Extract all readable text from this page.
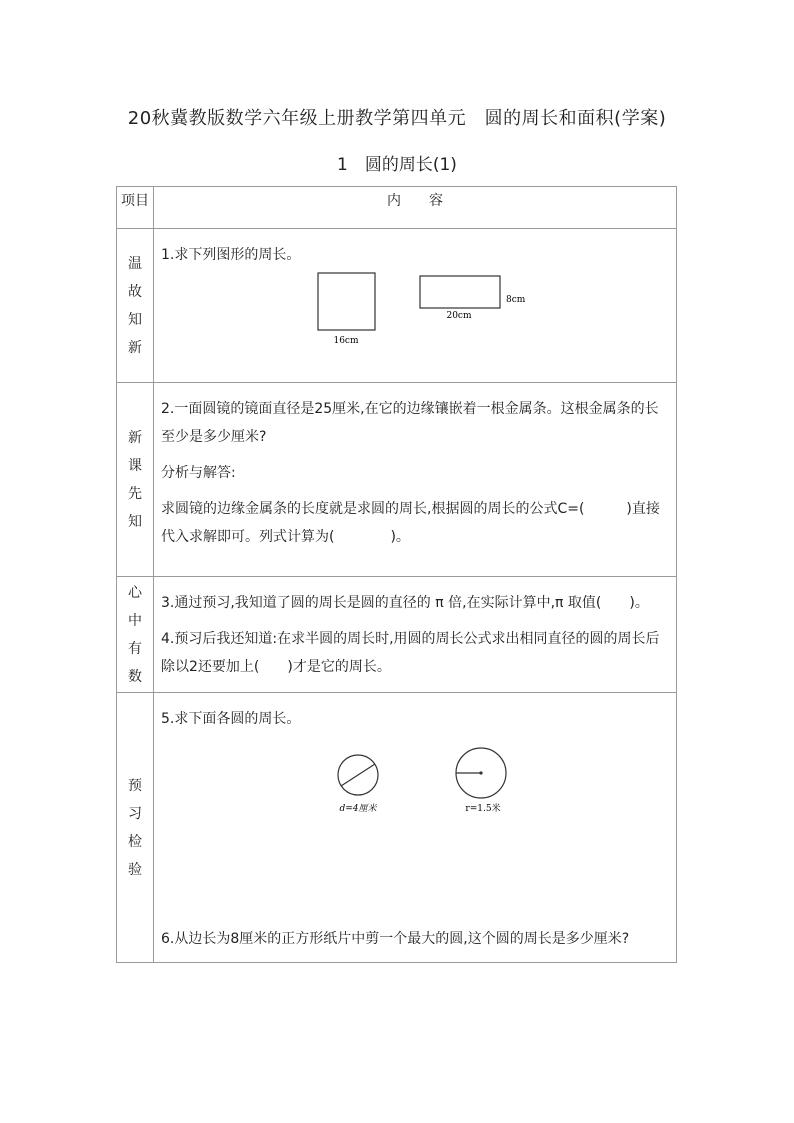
20秋冀教版数学六年级上册教学第四单元　圆的周长和面积(学案)
1　圆的周长(1)
项目	内　　容

温故知新	1.求下列图形的周长。

16cm
20cm
8cm

新课先知	2.一面圆镜的镜面直径是25厘米,在它的边缘镶嵌着一根金属条。这根金属条的长至少是多少厘米?

分析与解答:

求圆镜的边缘金属条的长度就是求圆的周长,根据圆的周长的公式C=(　　　)直接代入求解即可。列式计算为(　　　　)。

心中有数	3.通过预习,我知道了圆的周长是圆的直径的 π 倍,在实际计算中,π 取值(　　)。

4.预习后我还知道:在求半圆的周长时,用圆的周长公式求出相同直径的圆的周长后除以2还要加上(　　)才是它的周长。

预习检验	5.求下面各圆的周长。

d=4厘米 r=1.5米

6.从边长为8厘米的正方形纸片中剪一个最大的圆,这个圆的周长是多少厘米?
